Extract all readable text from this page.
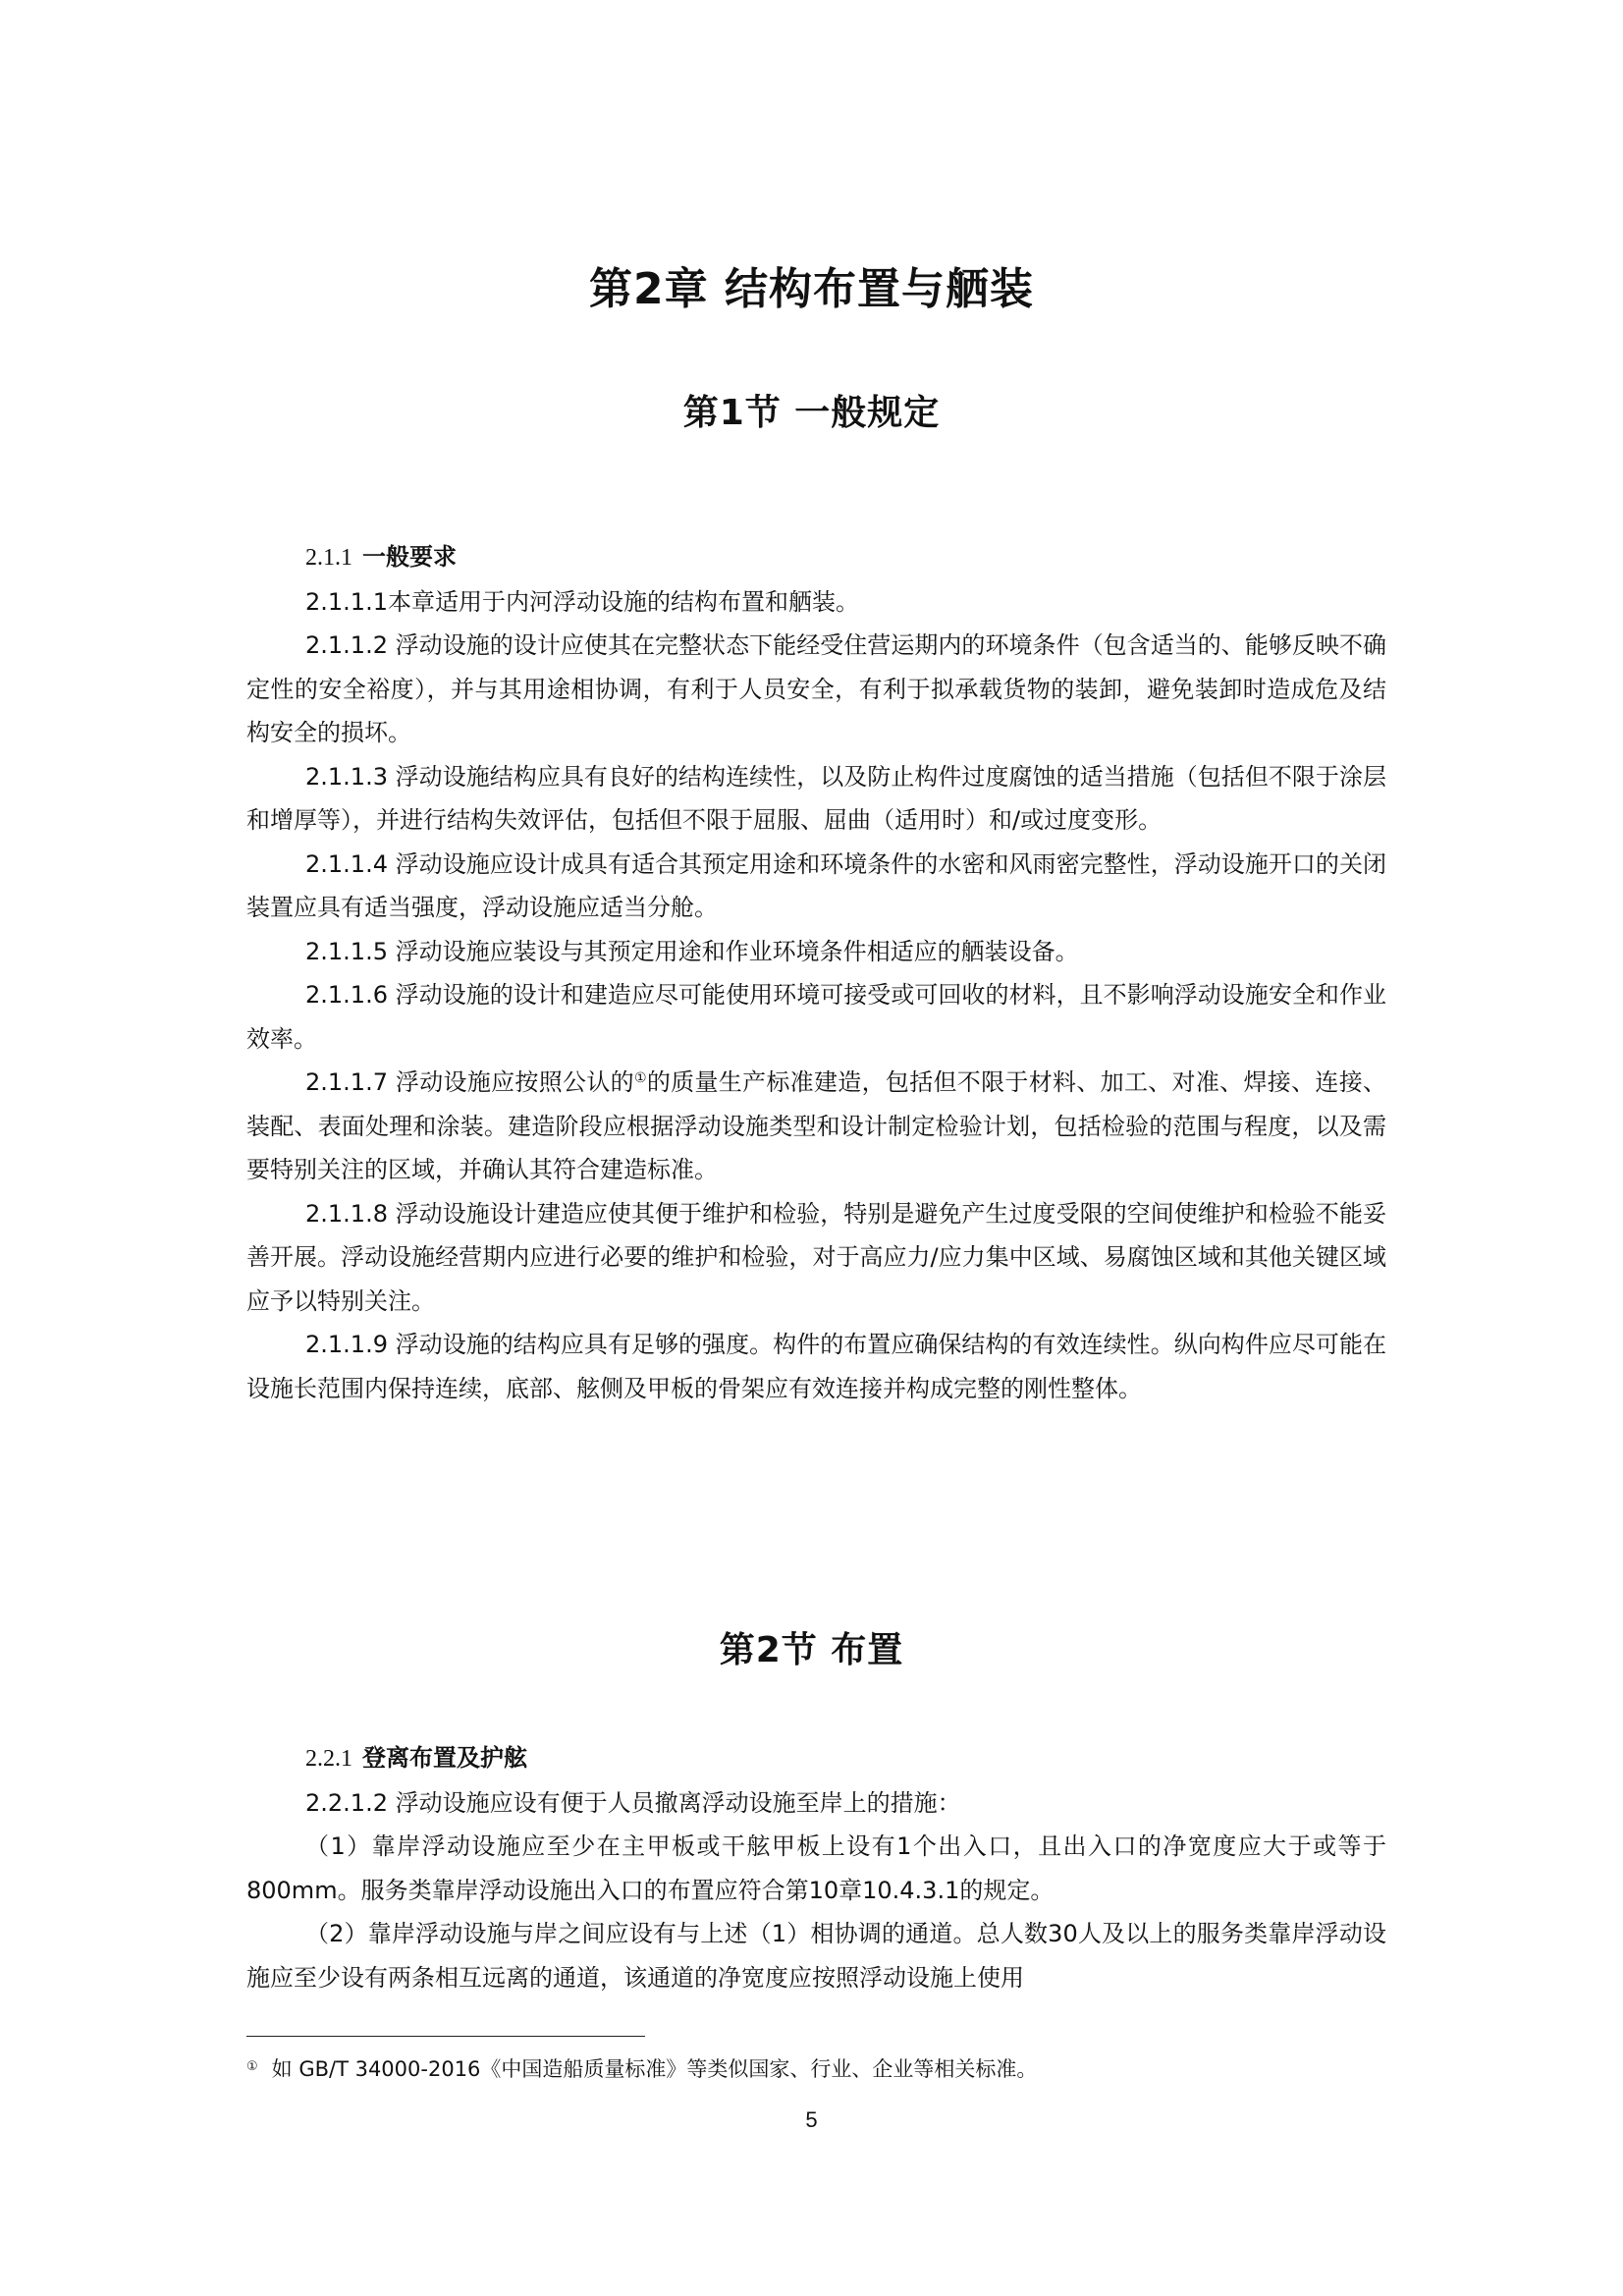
第2章 结构布置与舾装
第1节 一般规定

2.1.1 一般要求

2.1.1.1本章适用于内河浮动设施的结构布置和舾装。

2.1.1.2 浮动设施的设计应使其在完整状态下能经受住营运期内的环境条件（包含适当的、能够反映不确定性的安全裕度），并与其用途相协调，有利于人员安全，有利于拟承载货物的装卸，避免装卸时造成危及结构安全的损坏。

2.1.1.3 浮动设施结构应具有良好的结构连续性，以及防止构件过度腐蚀的适当措施（包括但不限于涂层和增厚等），并进行结构失效评估，包括但不限于屈服、屈曲（适用时）和/或过度变形。

2.1.1.4 浮动设施应设计成具有适合其预定用途和环境条件的水密和风雨密完整性，浮动设施开口的关闭装置应具有适当强度，浮动设施应适当分舱。

2.1.1.5 浮动设施应装设与其预定用途和作业环境条件相适应的舾装设备。

2.1.1.6 浮动设施的设计和建造应尽可能使用环境可接受或可回收的材料，且不影响浮动设施安全和作业效率。

2.1.1.7 浮动设施应按照公认的①的质量生产标准建造，包括但不限于材料、加工、对准、焊接、连接、装配、表面处理和涂装。建造阶段应根据浮动设施类型和设计制定检验计划，包括检验的范围与程度，以及需要特别关注的区域，并确认其符合建造标准。

2.1.1.8 浮动设施设计建造应使其便于维护和检验，特别是避免产生过度受限的空间使维护和检验不能妥善开展。浮动设施经营期内应进行必要的维护和检验，对于高应力/应力集中区域、易腐蚀区域和其他关键区域应予以特别关注。

2.1.1.9 浮动设施的结构应具有足够的强度。构件的布置应确保结构的有效连续性。纵向构件应尽可能在设施长范围内保持连续，底部、舷侧及甲板的骨架应有效连接并构成完整的刚性整体。

第2节 布置

2.2.1 登离布置及护舷

2.2.1.2 浮动设施应设有便于人员撤离浮动设施至岸上的措施：

（1）靠岸浮动设施应至少在主甲板或干舷甲板上设有1个出入口，且出入口的净宽度应大于或等于800mm。服务类靠岸浮动设施出入口的布置应符合第10章10.4.3.1的规定。

（2）靠岸浮动设施与岸之间应设有与上述（1）相协调的通道。总人数30人及以上的服务类靠岸浮动设施应至少设有两条相互远离的通道，该通道的净宽度应按照浮动设施上使用

① 如 GB/T 34000-2016《中国造船质量标准》等类似国家、行业、企业等相关标准。
5
